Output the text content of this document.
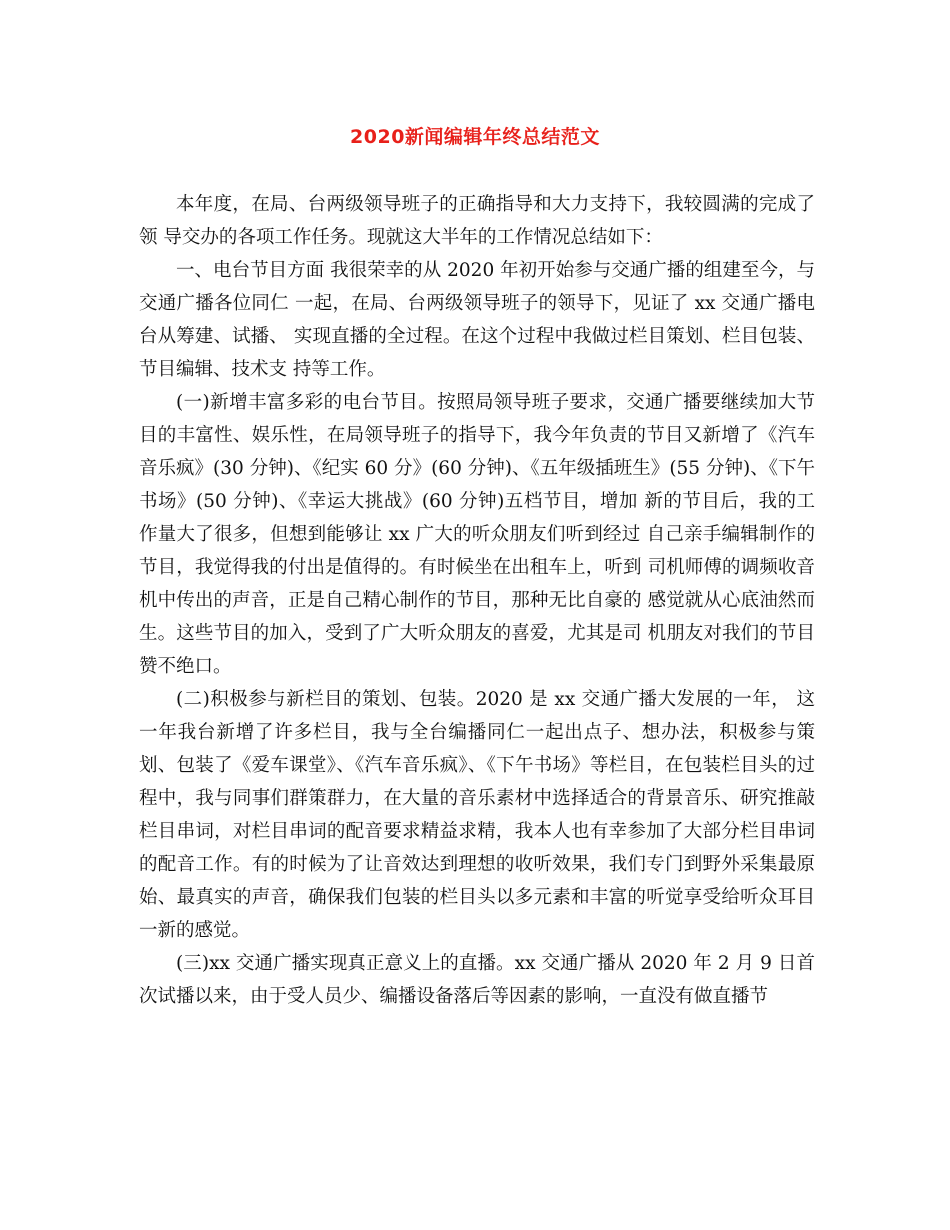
2020新闻编辑年终总结范文

本年度，在局、台两级领导班子的正确指导和大力支持下，我较圆满的完成了领 导交办的各项工作任务。现就这大半年的工作情况总结如下：

一、电台节目方面 我很荣幸的从 2020 年初开始参与交通广播的组建至今，与交通广播各位同仁 一起，在局、台两级领导班子的领导下，见证了 xx 交通广播电台从筹建、试播、 实现直播的全过程。在这个过程中我做过栏目策划、栏目包装、节目编辑、技术支 持等工作。

(一)新增丰富多彩的电台节目。按照局领导班子要求，交通广播要继续加大节目的丰富性、娱乐性，在局领导班子的指导下，我今年负责的节目又新增了《汽车音乐疯》(30 分钟)、《纪实 60 分》(60 分钟)、《五年级插班生》(55 分钟)、《下午书场》(50 分钟)、《幸运大挑战》(60 分钟)五档节目，增加 新的节目后，我的工作量大了很多，但想到能够让 xx 广大的听众朋友们听到经过 自己亲手编辑制作的节目，我觉得我的付出是值得的。有时候坐在出租车上，听到 司机师傅的调频收音机中传出的声音，正是自己精心制作的节目，那种无比自豪的 感觉就从心底油然而生。这些节目的加入，受到了广大听众朋友的喜爱，尤其是司 机朋友对我们的节目赞不绝口。

(二)积极参与新栏目的策划、包装。2020 是 xx 交通广播大发展的一年， 这一年我台新增了许多栏目，我与全台编播同仁一起出点子、想办法，积极参与策划、包装了《爱车课堂》、《汽车音乐疯》、《下午书场》等栏目，在包装栏目头的过程中，我与同事们群策群力，在大量的音乐素材中选择适合的背景音乐、研究推敲栏目串词，对栏目串词的配音要求精益求精，我本人也有幸参加了大部分栏目串词的配音工作。有的时候为了让音效达到理想的收听效果，我们专门到野外采集最原始、最真实的声音，确保我们包装的栏目头以多元素和丰富的听觉享受给听众耳目一新的感觉。

(三)xx 交通广播实现真正意义上的直播。xx 交通广播从 2020 年 2 月 9 日首次试播以来，由于受人员少、编播设备落后等因素的影响，一直没有做直播节
